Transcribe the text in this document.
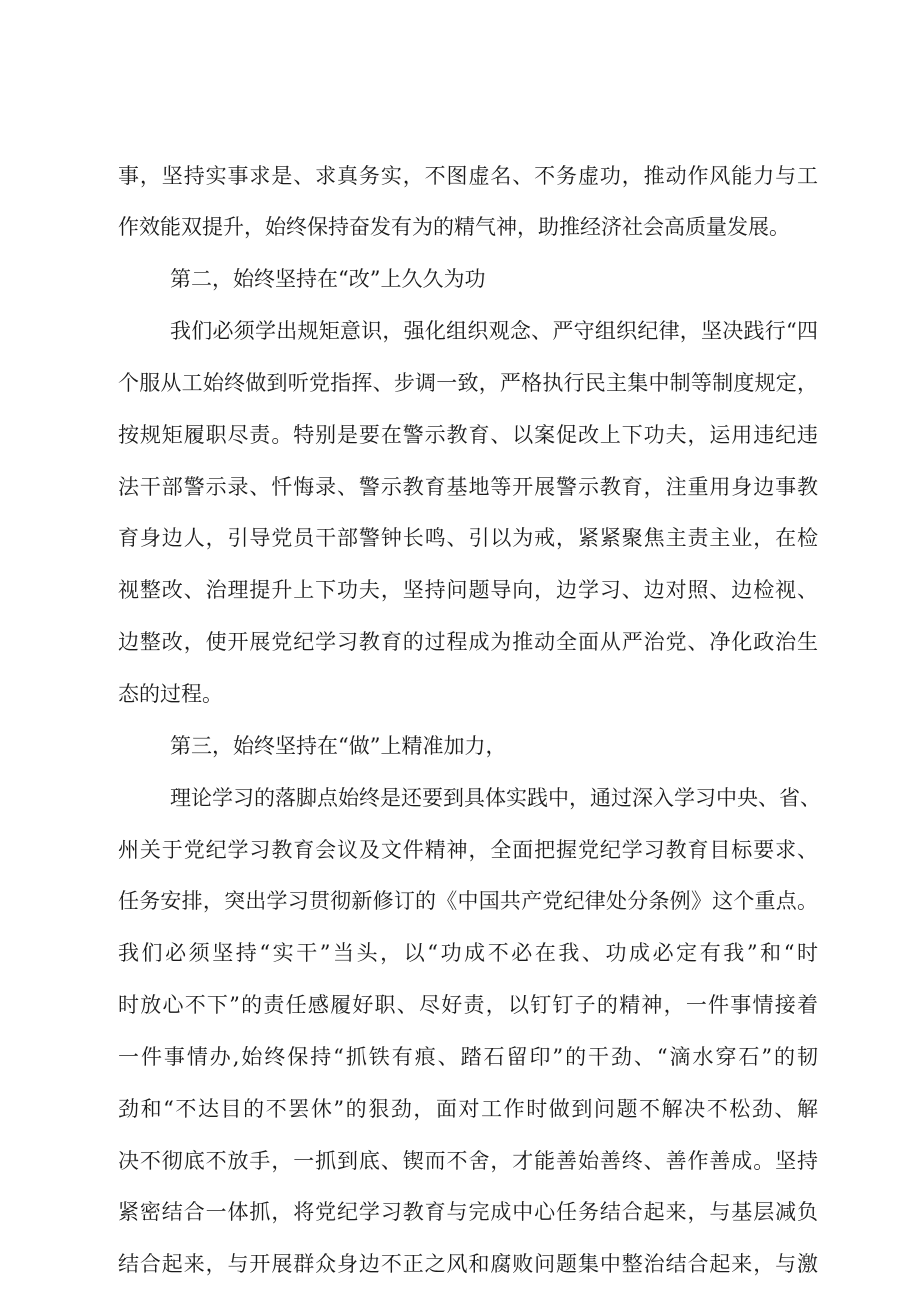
事，坚持实事求是、求真务实，不图虚名、不务虚功，推动作风能力与工
作效能双提升，始终保持奋发有为的精气神，助推经济社会高质量发展。
第二，始终坚持在“改”上久久为功
我们必须学出规矩意识，强化组织观念、严守组织纪律，坚决践行“四
个服从工始终做到听党指挥、步调一致，严格执行民主集中制等制度规定，
按规矩履职尽责。特别是要在警示教育、以案促改上下功夫，运用违纪违
法干部警示录、忏悔录、警示教育基地等开展警示教育，注重用身边事教
育身边人，引导党员干部警钟长鸣、引以为戒，紧紧聚焦主责主业，在检
视整改、治理提升上下功夫，坚持问题导向，边学习、边对照、边检视、
边整改，使开展党纪学习教育的过程成为推动全面从严治党、净化政治生
态的过程。
第三，始终坚持在“做”上精准加力，
理论学习的落脚点始终是还要到具体实践中，通过深入学习中央、省、
州关于党纪学习教育会议及文件精神，全面把握党纪学习教育目标要求、
任务安排，突出学习贯彻新修订的《中国共产党纪律处分条例》这个重点。
我们必须坚持“实干”当头，以“功成不必在我、功成必定有我”和“时
时放心不下”的责任感履好职、尽好责，以钉钉子的精神，一件事情接着
一件事情办,始终保持“抓铁有痕、踏石留印”的干劲、“滴水穿石”的韧
劲和“不达目的不罢休”的狠劲，面对工作时做到问题不解决不松劲、解
决不彻底不放手，一抓到底、锲而不舍，才能善始善终、善作善成。坚持
紧密结合一体抓，将党纪学习教育与完成中心任务结合起来，与基层减负
结合起来，与开展群众身边不正之风和腐败问题集中整治结合起来，与激
